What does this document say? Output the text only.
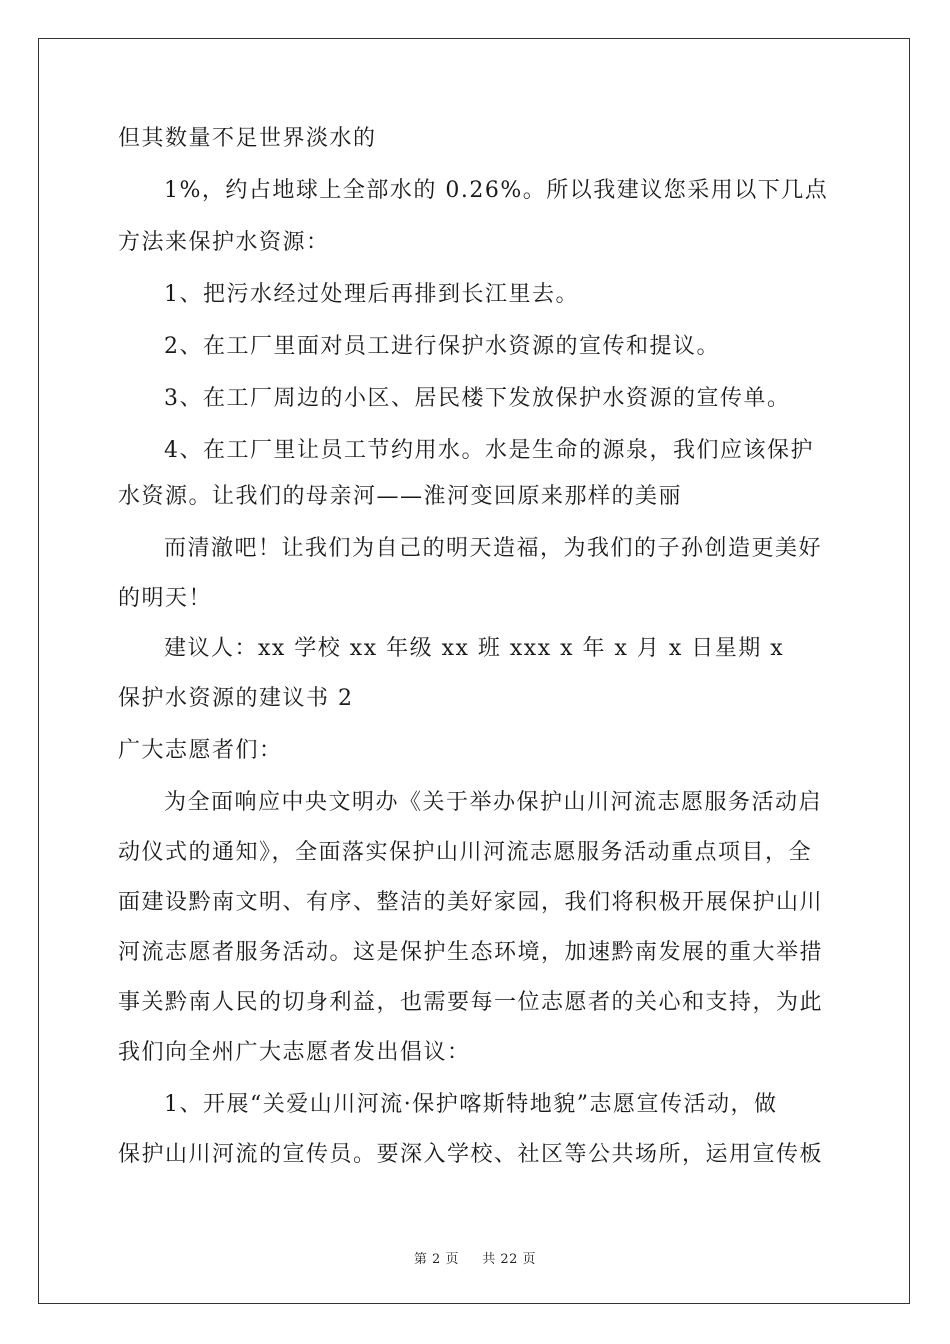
但其数量不足世界淡水的
1%，约占地球上全部水的 0.26%。所以我建议您采用以下几点
方法来保护水资源：
1、把污水经过处理后再排到长江里去。
2、在工厂里面对员工进行保护水资源的宣传和提议。
3、在工厂周边的小区、居民楼下发放保护水资源的宣传单。
4、在工厂里让员工节约用水。水是生命的源泉，我们应该保护
水资源。让我们的母亲河——淮河变回原来那样的美丽
而清澈吧！让我们为自己的明天造福，为我们的子孙创造更美好
的明天！
建议人：xx 学校 xx 年级 xx 班 xxx x 年 x 月 x 日星期 x
保护水资源的建议书 2
广大志愿者们：
为全面响应中央文明办《关于举办保护山川河流志愿服务活动启
动仪式的通知》，全面落实保护山川河流志愿服务活动重点项目，全
面建设黔南文明、有序、整洁的美好家园，我们将积极开展保护山川
河流志愿者服务活动。这是保护生态环境，加速黔南发展的重大举措
事关黔南人民的切身利益，也需要每一位志愿者的关心和支持，为此
我们向全州广大志愿者发出倡议：
1、开展“关爱山川河流·保护喀斯特地貌”志愿宣传活动，做
保护山川河流的宣传员。要深入学校、社区等公共场所，运用宣传板
第 2 页 共 22 页
